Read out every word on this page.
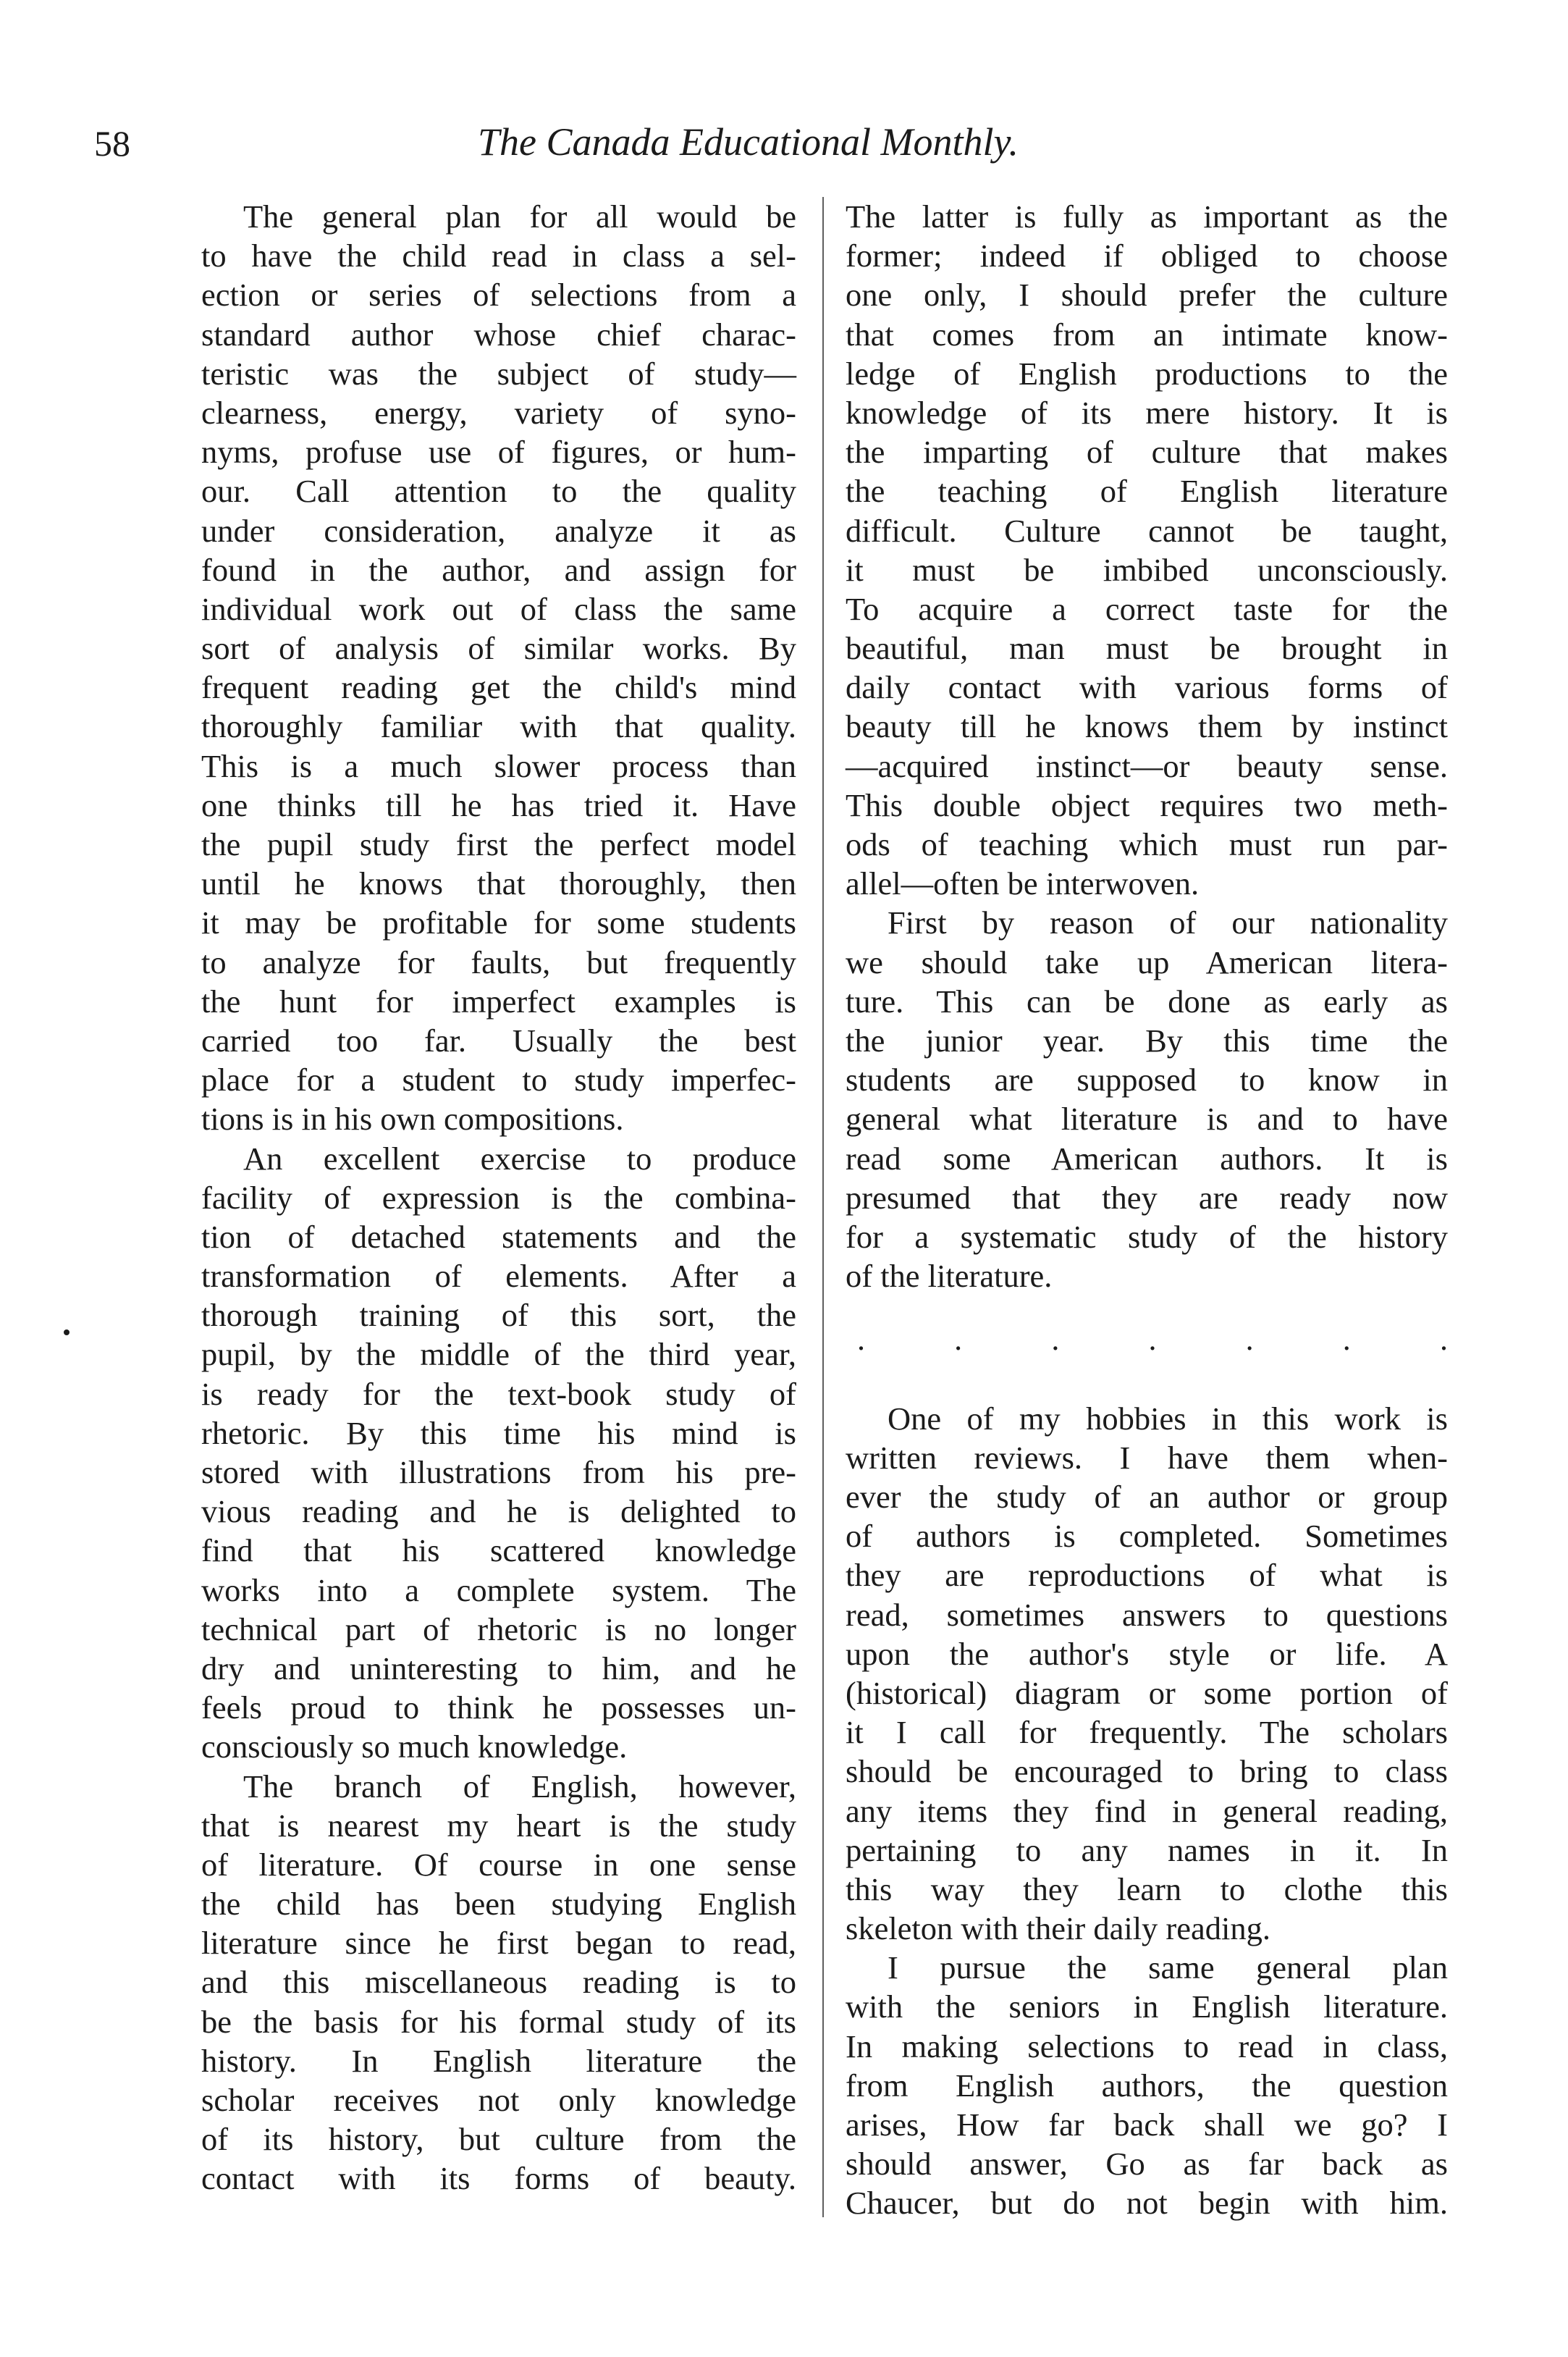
58	The Canada Educational Monthly.
The general plan for all would be
to have the child read in class a sel-
ection or series of selections from a
standard author whose chief charac-
teristic was the subject of study—
clearness, energy, variety of syno-
nyms, profuse use of figures, or hum-
our. Call attention to the quality
under consideration, analyze it as
found in the author, and assign for
individual work out of class the same
sort of analysis of similar works. By
frequent reading get the child's mind
thoroughly familiar with that quality.
This is a much slower process than
one thinks till he has tried it. Have
the pupil study first the perfect model
until he knows that thoroughly, then
it may be profitable for some students
to analyze for faults, but frequently
the hunt for imperfect examples is
carried too far. Usually the best
place for a student to study imperfec-
tions is in his own compositions.
An excellent exercise to produce
facility of expression is the combina-
tion of detached statements and the
transformation of elements. After a
thorough training of this sort, the
pupil, by the middle of the third year,
is ready for the text-book study of
rhetoric. By this time his mind is
stored with illustrations from his pre-
vious reading and he is delighted to
find that his scattered knowledge
works into a complete system. The
technical part of rhetoric is no longer
dry and uninteresting to him, and he
feels proud to think he possesses un-
consciously so much knowledge.
The branch of English, however,
that is nearest my heart is the study
of literature. Of course in one sense
the child has been studying English
literature since he first began to read,
and this miscellaneous reading is to
be the basis for his formal study of its
history. In English literature the
scholar receives not only knowledge
of its history, but culture from the
contact with its forms of beauty.
The latter is fully as important as the
former; indeed if obliged to choose
one only, I should prefer the culture
that comes from an intimate know-
ledge of English productions to the
knowledge of its mere history. It is
the imparting of culture that makes
the teaching of English literature
difficult. Culture cannot be taught,
it must be imbibed unconsciously.
To acquire a correct taste for the
beautiful, man must be brought in
daily contact with various forms of
beauty till he knows them by instinct
—acquired instinct—or beauty sense.
This double object requires two meth-
ods of teaching which must run par-
allel—often be interwoven.
First by reason of our nationality
we should take up American litera-
ture. This can be done as early as
the junior year. By this time the
students are supposed to know in
general what literature is and to have
read some American authors. It is
presumed that they are ready now
for a systematic study of the history
of the literature.
.	.	.	.	.	.	.
One of my hobbies in this work is
written reviews. I have them when-
ever the study of an author or group
of authors is completed. Sometimes
they are reproductions of what is
read, sometimes answers to questions
upon the author's style or life. A
(historical) diagram or some portion of
it I call for frequently. The scholars
should be encouraged to bring to class
any items they find in general reading,
pertaining to any names in it. In
this way they learn to clothe this
skeleton with their daily reading.
I pursue the same general plan
with the seniors in English literature.
In making selections to read in class,
from English authors, the question
arises, How far back shall we go? I
should answer, Go as far back as
Chaucer, but do not begin with him.
